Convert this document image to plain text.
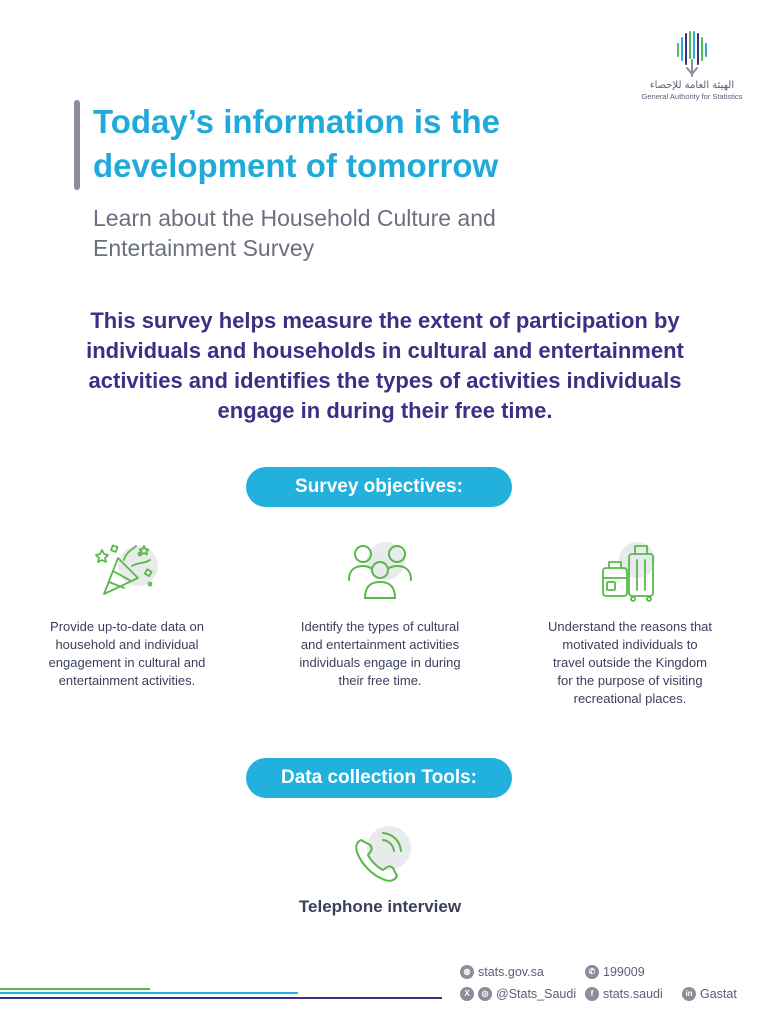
الهيئة العامة للإحصاء
General Authority for Statistics
Today’s information is the
development of tomorrow
Learn about the Household Culture and
Entertainment Survey
This survey helps measure the extent of participation by
individuals and households in cultural and entertainment
activities and identifies the types of activities individuals
engage in during their free time.
Survey objectives:
Provide up-to-date data on
household and individual
engagement in cultural and
entertainment activities.
Identify the types of cultural
and entertainment activities
individuals engage in during
their free time.
Understand the reasons that
motivated individuals to
travel outside the Kingdom
for the purpose of visiting
recreational places.
Data collection Tools:
Telephone interview
◍ stats.gov.sa	✆ 199009
X	◎ @Stats_Saudi	f stats.saudi	in Gastat
